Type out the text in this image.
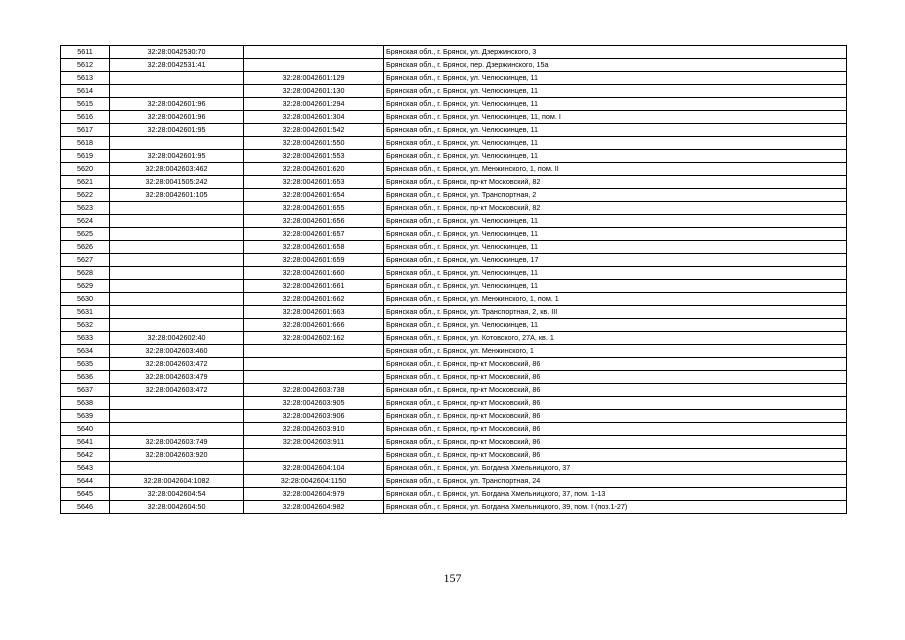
5611	32:28:0042530:70		Брянская обл., г. Брянск, ул. Дзержинского, 3
5612	32:28:0042531:41		Брянская обл., г. Брянск, пер. Дзержинского, 15а
5613		32:28:0042601:129	Брянская обл., г. Брянск, ул. Челюскинцев, 11
5614		32:28:0042601:130	Брянская обл., г. Брянск, ул. Челюскинцев, 11
5615	32:28:0042601:96	32:28:0042601:294	Брянская обл., г. Брянск, ул. Челюскинцев, 11
5616	32:28:0042601:96	32:28:0042601:304	Брянская обл., г. Брянск, ул. Челюскинцев, 11, пом. I
5617	32:28:0042601:95	32:28:0042601:542	Брянская обл., г. Брянск, ул. Челюскинцев, 11
5618		32:28:0042601:550	Брянская обл., г. Брянск, ул. Челюскинцев, 11
5619	32:28:0042601:95	32:28:0042601:553	Брянская обл., г. Брянск, ул. Челюскинцев, 11
5620	32:28:0042603:462	32:28:0042601:620	Брянская обл., г. Брянск, ул. Менжинского, 1, пом. II
5621	32:28:0041505:242	32:28:0042601:653	Брянская обл., г. Брянск, пр-кт Московский, 82
5622	32:28:0042601:105	32:28:0042601:654	Брянская обл., г. Брянск, ул. Транспортная, 2
5623		32:28:0042601:655	Брянская обл., г. Брянск, пр-кт Московский, 82
5624		32:28:0042601:656	Брянская обл., г. Брянск, ул. Челюскинцев, 11
5625		32:28:0042601:657	Брянская обл., г. Брянск, ул. Челюскинцев, 11
5626		32:28:0042601:658	Брянская обл., г. Брянск, ул. Челюскинцев, 11
5627		32:28:0042601:659	Брянская обл., г. Брянск, ул. Челюскинцев, 17
5628		32:28:0042601:660	Брянская обл., г. Брянск, ул. Челюскинцев, 11
5629		32:28:0042601:661	Брянская обл., г. Брянск, ул. Челюскинцев, 11
5630		32:28:0042601:662	Брянская обл., г. Брянск, ул. Менжинского, 1, пом. 1
5631		32:28:0042601:663	Брянская обл., г. Брянск, ул. Транспортная, 2, кв. III
5632		32:28:0042601:666	Брянская обл., г. Брянск, ул. Челюскинцев, 11
5633	32:28:0042602:40	32:28:0042602:162	Брянская обл., г. Брянск, ул. Котовского, 27А, кв. 1
5634	32:28:0042603:460		Брянская обл., г. Брянск, ул. Менжинского, 1
5635	32:28:0042603:472		Брянская обл., г. Брянск, пр-кт Московский, 86
5636	32:28:0042603:479		Брянская обл., г. Брянск, пр-кт Московский, 86
5637	32:28:0042603:472	32:28:0042603:738	Брянская обл., г. Брянск, пр-кт Московский, 86
5638		32:28:0042603:905	Брянская обл., г. Брянск, пр-кт Московский, 86
5639		32:28:0042603:906	Брянская обл., г. Брянск, пр-кт Московский, 86
5640		32:28:0042603:910	Брянская обл., г. Брянск, пр-кт Московский, 86
5641	32:28:0042603:749	32:28:0042603:911	Брянская обл., г. Брянск, пр-кт Московский, 86
5642	32:28:0042603:920		Брянская обл., г. Брянск, пр-кт Московский, 86
5643		32:28:0042604:104	Брянская обл., г. Брянск, ул. Богдана Хмельницкого, 37
5644	32:28:0042604:1082	32:28:0042604:1150	Брянская обл., г. Брянск, ул. Транспортная, 24
5645	32:28:0042604:54	32:28:0042604:979	Брянская обл., г. Брянск, ул. Богдана Хмельницкого, 37, пом. 1-13
5646	32:28:0042604:50	32:28:0042604:982	Брянская обл., г. Брянск, ул. Богдана Хмельницкого, 39, пом. I (поз.1-27)
157
